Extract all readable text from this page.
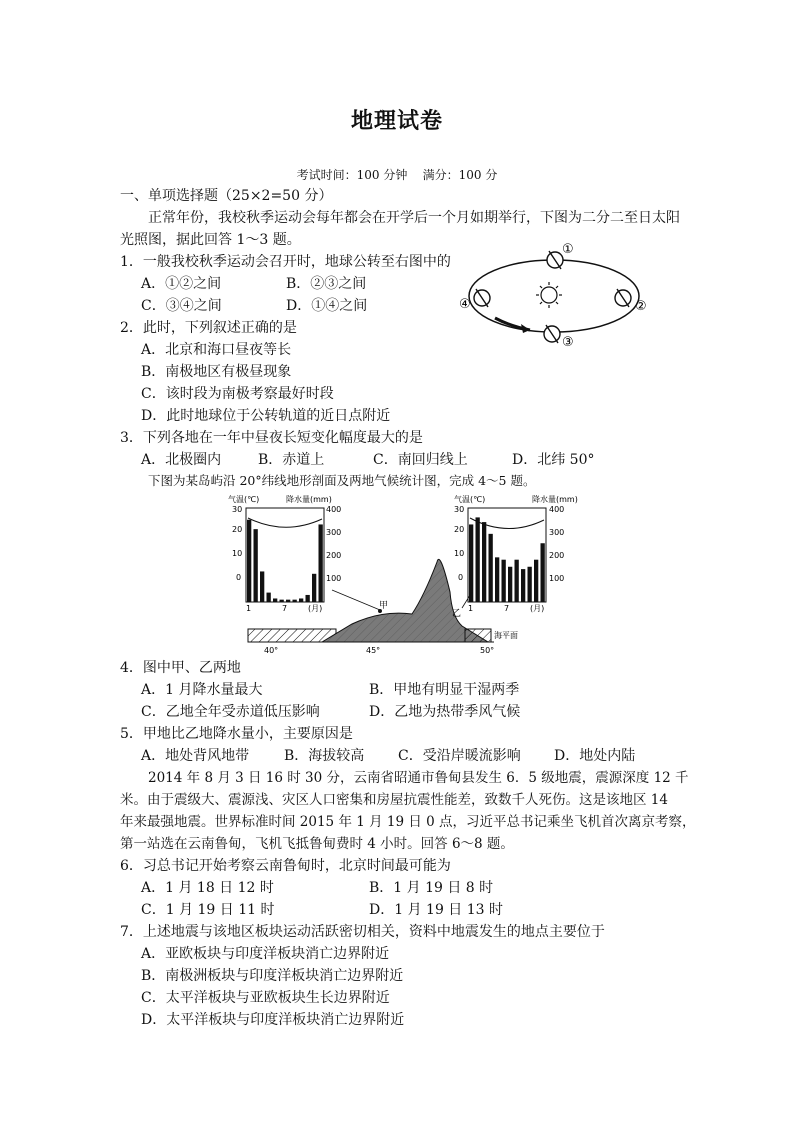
地理试卷
考试时间：100 分钟    满分：100 分
一、单项选择题（25×2=50 分）
正常年份，我校秋季运动会每年都会在开学后一个月如期举行，下图为二分二至日太阳
光照图，据此回答 1～3 题。
1．一般我校秋季运动会召开时，地球公转至右图中的
A．①②之间	B．②③之间
C．③④之间	D．①④之间
①
②
③
④
2．此时，下列叙述正确的是
A．北京和海口昼夜等长
B．南极地区有极昼现象
C．该时段为南极考察最好时段
D．此时地球位于公转轨道的近日点附近
3．下列各地在一年中昼夜长短变化幅度最大的是
A．北极圈内	B．赤道上	C．南回归线上	D．北纬 50°
下图为某岛屿沿 20°纬线地形剖面及两地气候统计图，完成 4～5 题。
气温(℃)	降水量(mm)
30
20
10
0
400
300
200
100
1	7	(月)
气温(℃)	降水量(mm)
30
20
10
0
400
300
200
100
1	7	(月)
甲
乙
海平面
40°	45°	50°
4．图中甲、乙两地
A．1 月降水量最大	B．甲地有明显干湿两季
C．乙地全年受赤道低压影响	D．乙地为热带季风气候
5．甲地比乙地降水量小，主要原因是
A．地处背风地带 B．海拔较高 C．受沿岸暖流影响 D．地处内陆
2014 年 8 月 3 日 16 时 30 分，云南省昭通市鲁甸县发生 6．5 级地震，震源深度 12 千
米。由于震级大、震源浅、灾区人口密集和房屋抗震性能差，致数千人死伤。这是该地区 14
年来最强地震。世界标准时间 2015 年 1 月 19 日 0 点，习近平总书记乘坐飞机首次离京考察，
第一站选在云南鲁甸，飞机飞抵鲁甸费时 4 小时。回答 6～8 题。
6．习总书记开始考察云南鲁甸时，北京时间最可能为
A．1 月 18 日 12 时	B．1 月 19 日 8 时
C．1 月 19 日 11 时	D．1 月 19 日 13 时
7．上述地震与该地区板块运动活跃密切相关，资料中地震发生的地点主要位于
A．亚欧板块与印度洋板块消亡边界附近
B．南极洲板块与印度洋板块消亡边界附近
C．太平洋板块与亚欧板块生长边界附近
D．太平洋板块与印度洋板块消亡边界附近
